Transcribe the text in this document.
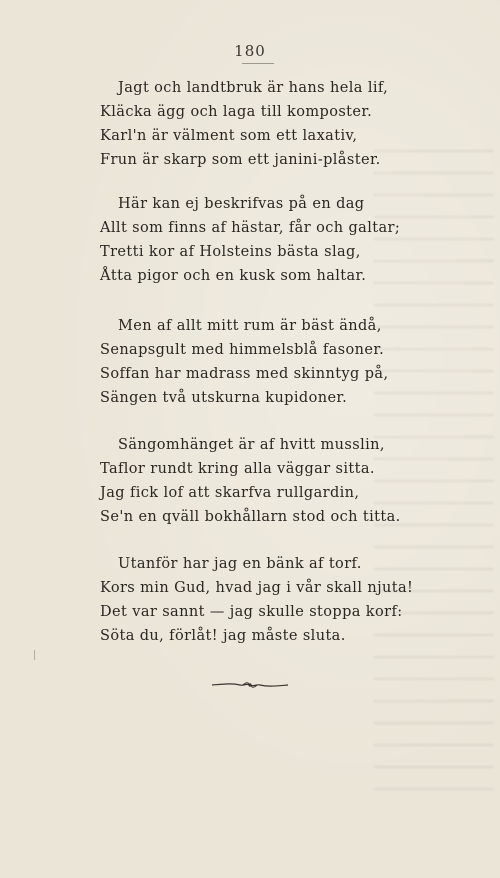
180
Jagt och landtbruk är hans hela lif,
Kläcka ägg och laga till komposter.
Karl'n är välment som ett laxativ,
Frun är skarp som ett janini-plåster.
Här kan ej beskrifvas på en dag
Allt som finns af hästar, får och galtar;
Tretti kor af Holsteins bästa slag,
Åtta pigor och en kusk som haltar.
Men af allt mitt rum är bäst ändå,
Senapsgult med himmelsblå fasoner.
Soffan har madrass med skinntyg på,
Sängen två utskurna kupidoner.
Sängomhänget är af hvitt musslin,
Taflor rundt kring alla väggar sitta.
Jag fick lof att skarfva rullgardin,
Se'n en qväll bokhållarn stod och titta.
Utanför har jag en bänk af torf.
Kors min Gud, hvad jag i vår skall njuta!
Det var sannt — jag skulle stoppa korf:
Söta du, förlåt! jag måste sluta.
